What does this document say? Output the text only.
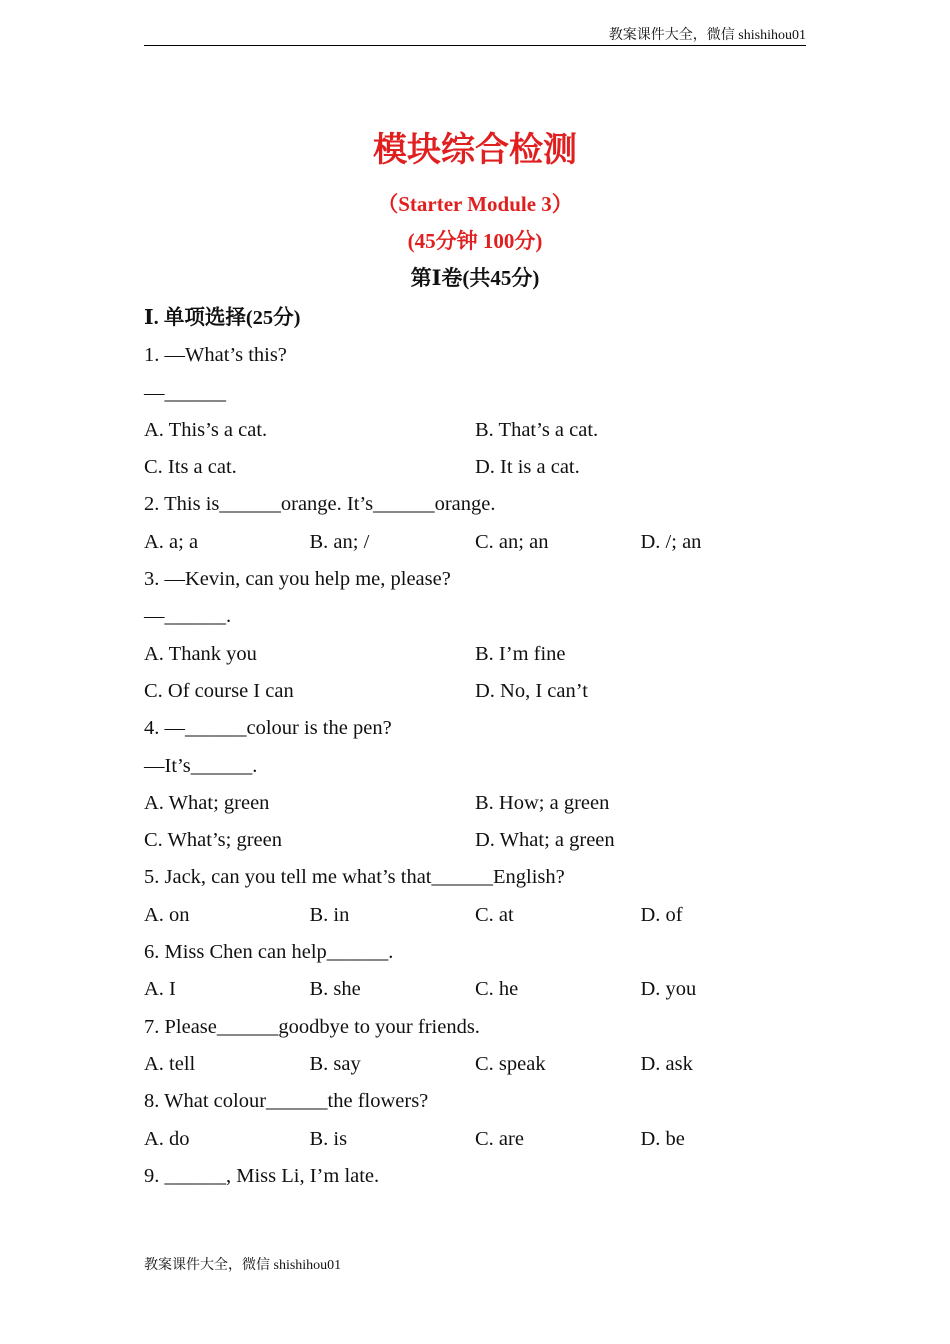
教案课件大全，微信 shishihou01
模块综合检测
（Starter Module 3）
(45分钟 100分)
第Ⅰ卷(共45分)
Ⅰ. 单项选择(25分)
1. —What’s this?
—______
A. This’s a cat.	B. That’s a cat.
C. Its a cat.	D. It is a cat.
2. This is______orange. It’s______orange.
A. a; a	B. an; /	C. an; an	D. /; an
3. —Kevin, can you help me, please?
—______.
A. Thank you	B. I’m fine
C. Of course I can	D. No, I can’t
4. —______colour is the pen?
—It’s______.
A. What; green	B. How; a green
C. What’s; green	D. What; a green
5. Jack, can you tell me what’s that______English?
A. on	B. in	C. at	D. of
6. Miss Chen can help______.
A. I	B. she	C. he	D. you
7. Please______goodbye to your friends.
A. tell	B. say	C. speak	D. ask
8. What colour______the flowers?
A. do	B. is	C. are	D. be
9. ______, Miss Li, I’m late.
教案课件大全，微信 shishihou01
